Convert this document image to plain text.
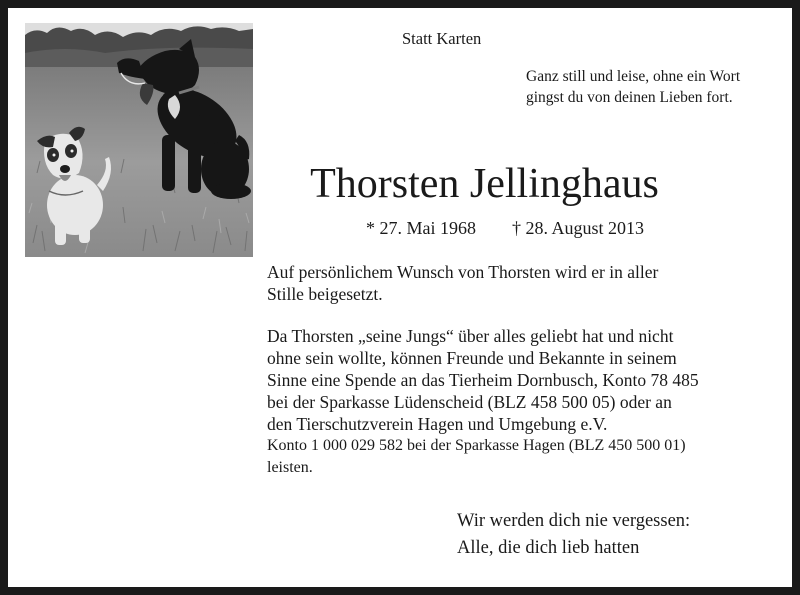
Statt Karten
Ganz still und leise, ohne ein Wort
gingst du von deinen Lieben fort.
Thorsten Jellinghaus
* 27. Mai 1968 † 28. August 2013
Auf persönlichem Wunsch von Thorsten wird er in aller
Stille beigesetzt.
Da Thorsten „seine Jungs“ über alles geliebt hat und nicht
ohne sein wollte, können Freunde und Bekannte in seinem
Sinne eine Spende an das Tierheim Dornbusch, Konto 78 485
bei der Sparkasse Lüdenscheid (BLZ 458 500 05) oder an
den Tierschutzverein Hagen und Umgebung e.V.
Konto 1 000 029 582 bei der Sparkasse Hagen (BLZ 450 500 01)
leisten.
Wir werden dich nie vergessen:
Alle, die dich lieb hatten
